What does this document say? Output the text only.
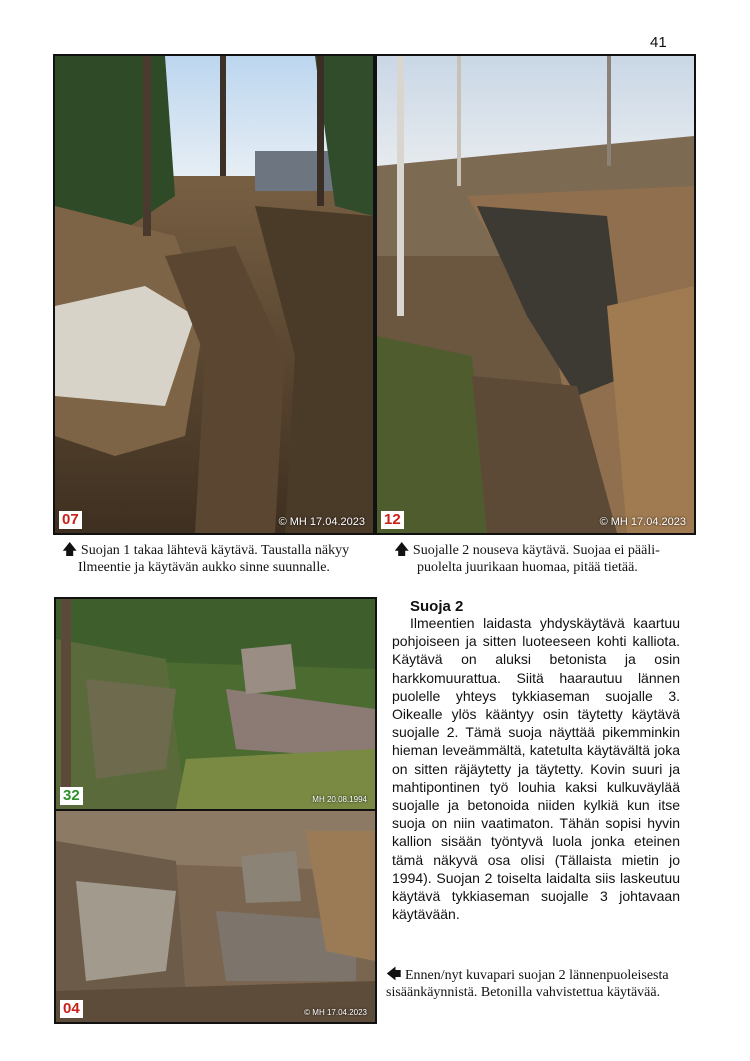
41
07	© MH 17.04.2023 12	© MH 17.04.2023
🡅 Suojan 1 takaa lähtevä käytävä. Taustalla näkyy
Ilmeentie ja käytävän aukko sinne suunnalle.
🡅 Suojalle 2 nouseva käytävä. Suojaa ei pääli-
puolelta juurikaan huomaa, pitää tietää.
32	MH 20.08.1994
04	© MH 17.04.2023
Suoja 2
Ilmeentien laidasta yhdyskäytävä kaartuu pohjoiseen ja sitten luoteeseen kohti kalliota. Käytävä on aluksi betonista ja osin harkkomuurattua. Siitä haarautuu lännen puolelle yhteys tykkiaseman suojalle 3. Oikealle ylös kääntyy osin täytetty käytävä suojalle 2. Tämä suoja näyttää pikemminkin hieman leveämmältä, katetulta käytävältä joka on sitten räjäytetty ja täytetty. Kovin suuri ja mahtipontinen työ louhia kaksi kulkuväylää suojalle ja betonoida niiden kylkiä kun itse suoja on niin vaatimaton. Tähän sopisi hyvin kallion sisään työntyvä luola jonka eteinen tämä näkyvä osa olisi (Tällaista mietin jo 1994). Suojan 2 toiselta laidalta siis laskeutuu käytävä tykkiaseman suojalle 3 johtavaan käytävään.
🡄 Ennen/nyt kuvapari suojan 2 lännenpuoleisesta
sisäänkäynnistä. Betonilla vahvistettua käytävää.
